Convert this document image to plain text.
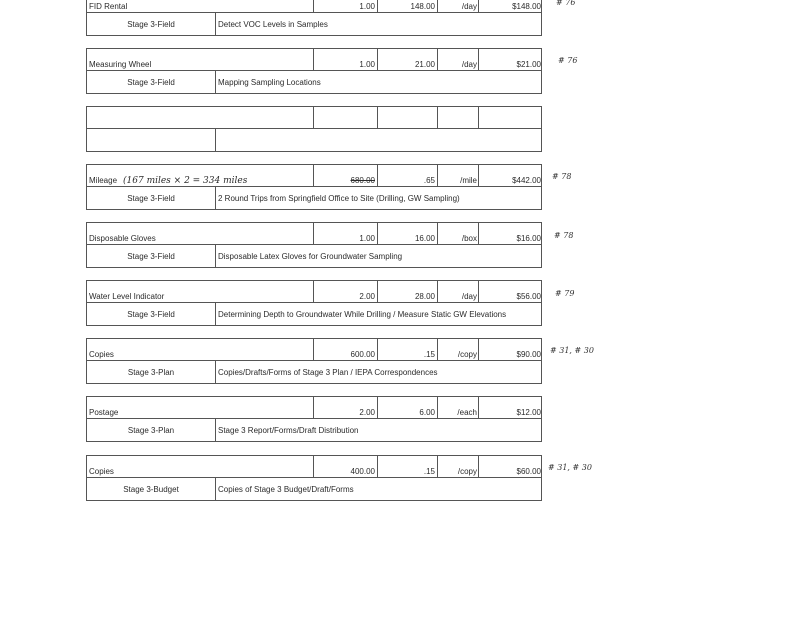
FID Rental	1.00	148.00	/day	$148.00
Stage 3-Field	Detect VOC Levels in Samples
# 76
Measuring Wheel	1.00	21.00	/day	$21.00
Stage 3-Field	Mapping Sampling Locations
# 76
Mileage (167 miles × 2 = 334 miles	680.00	.65	/mile	$442.00
Stage 3-Field	2 Round Trips from Springfield Office to Site (Drilling, GW Sampling)
# 78
Disposable Gloves	1.00	16.00	/box	$16.00
Stage 3-Field	Disposable Latex Gloves for Groundwater Sampling
# 78
Water Level Indicator	2.00	28.00	/day	$56.00
Stage 3-Field	Determining Depth to Groundwater While Drilling / Measure Static GW Elevations
# 79
Copies	600.00	.15	/copy	$90.00
Stage 3-Plan	Copies/Drafts/Forms of Stage 3 Plan / IEPA Correspondences
# 31, # 30
Postage	2.00	6.00	/each	$12.00
Stage 3-Plan	Stage 3 Report/Forms/Draft Distribution
Copies	400.00	.15	/copy	$60.00
Stage 3-Budget	Copies of Stage 3 Budget/Draft/Forms
# 31, # 30
